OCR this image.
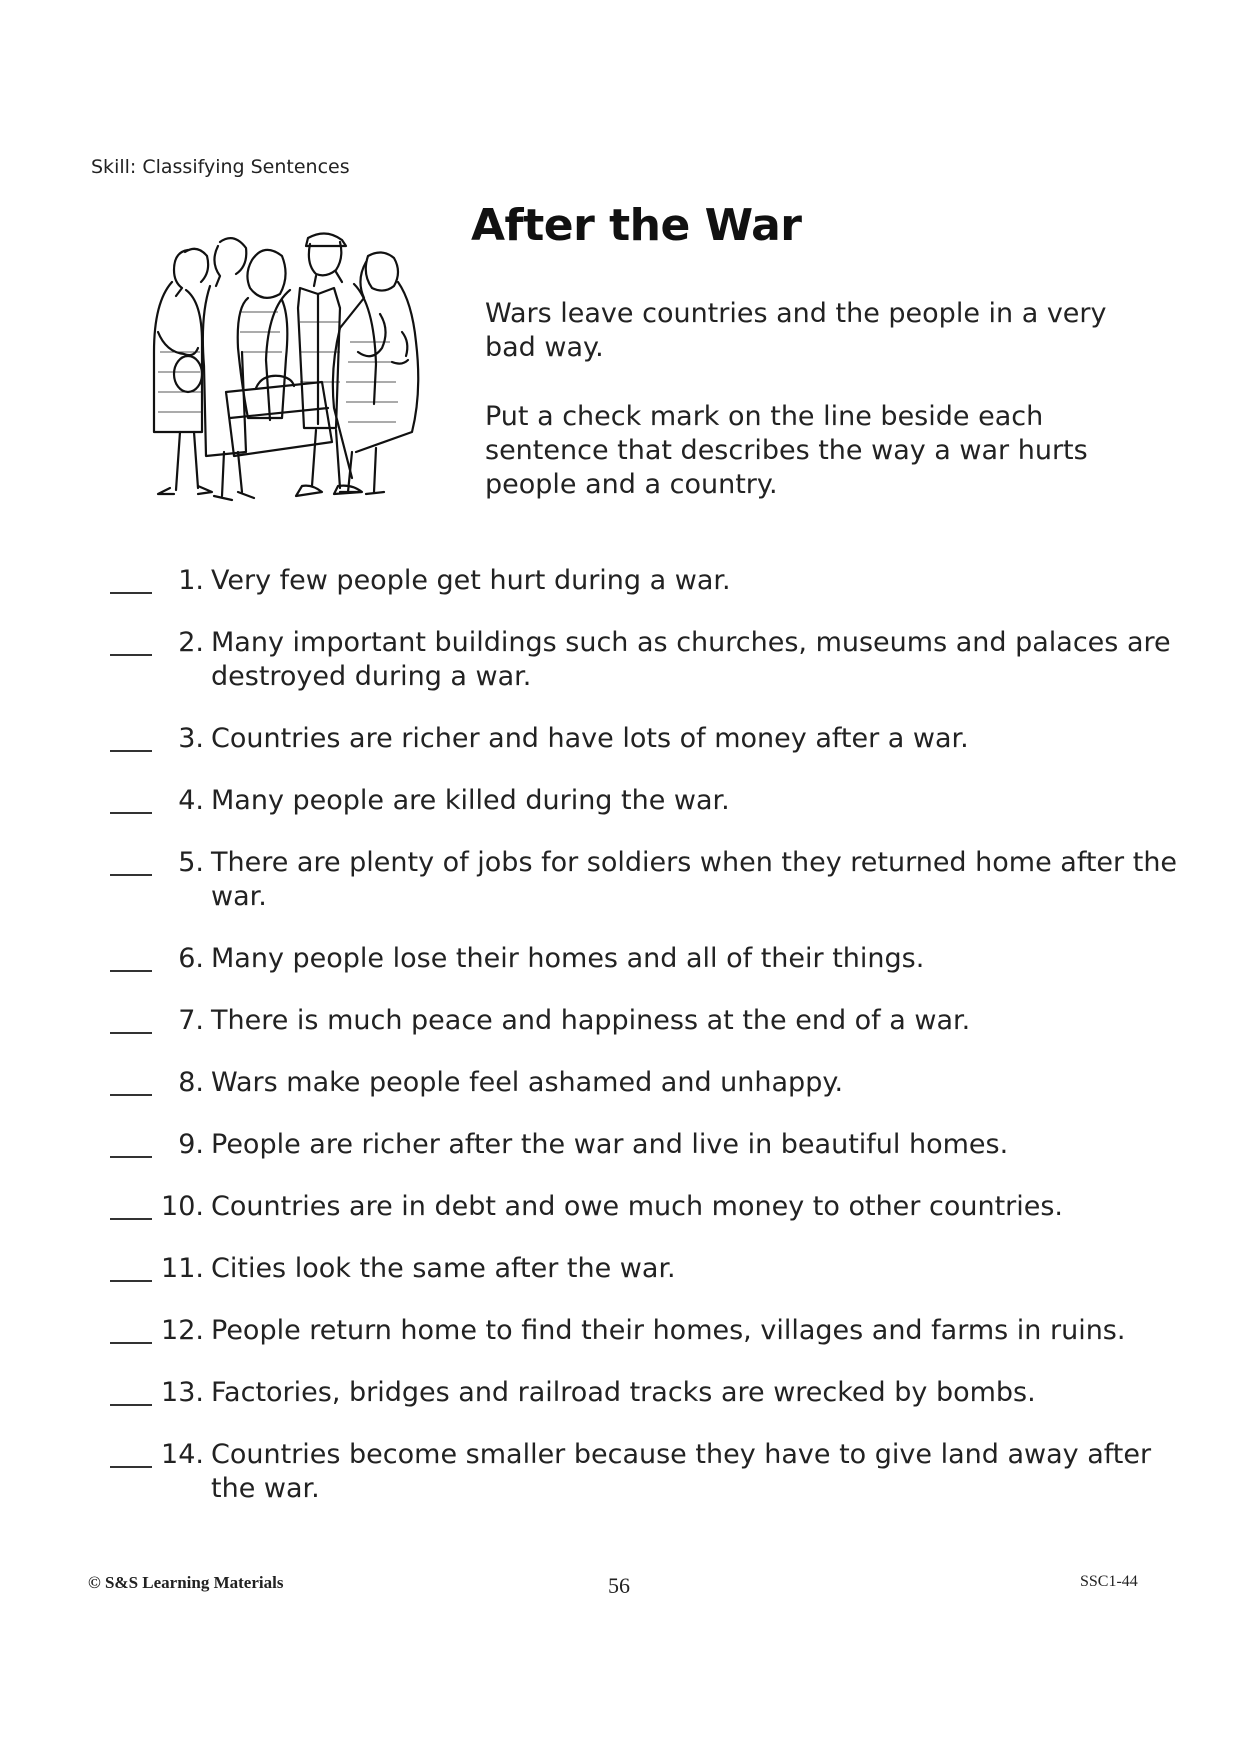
Skill: Classifying Sentences
After the War

Wars leave countries and the people in a very bad way.

Put a check mark on the line beside each sentence that describes the way a war hurts people and a country.

1. Very few people get hurt during a war.
2. Many important buildings such as churches, museums and palaces are destroyed during a war.
3. Countries are richer and have lots of money after a war.
4. Many people are killed during the war.
5. There are plenty of jobs for soldiers when they returned home after the war.
6. Many people lose their homes and all of their things.
7. There is much peace and happiness at the end of a war.
8. Wars make people feel ashamed and unhappy.
9. People are richer after the war and live in beautiful homes.
10. Countries are in debt and owe much money to other countries.
11. Cities look the same after the war.
12. People return home to find their homes, villages and farms in ruins.
13. Factories, bridges and railroad tracks are wrecked by bombs.
14. Countries become smaller because they have to give land away after the war.
© S&S Learning Materials	56	SSC1-44
